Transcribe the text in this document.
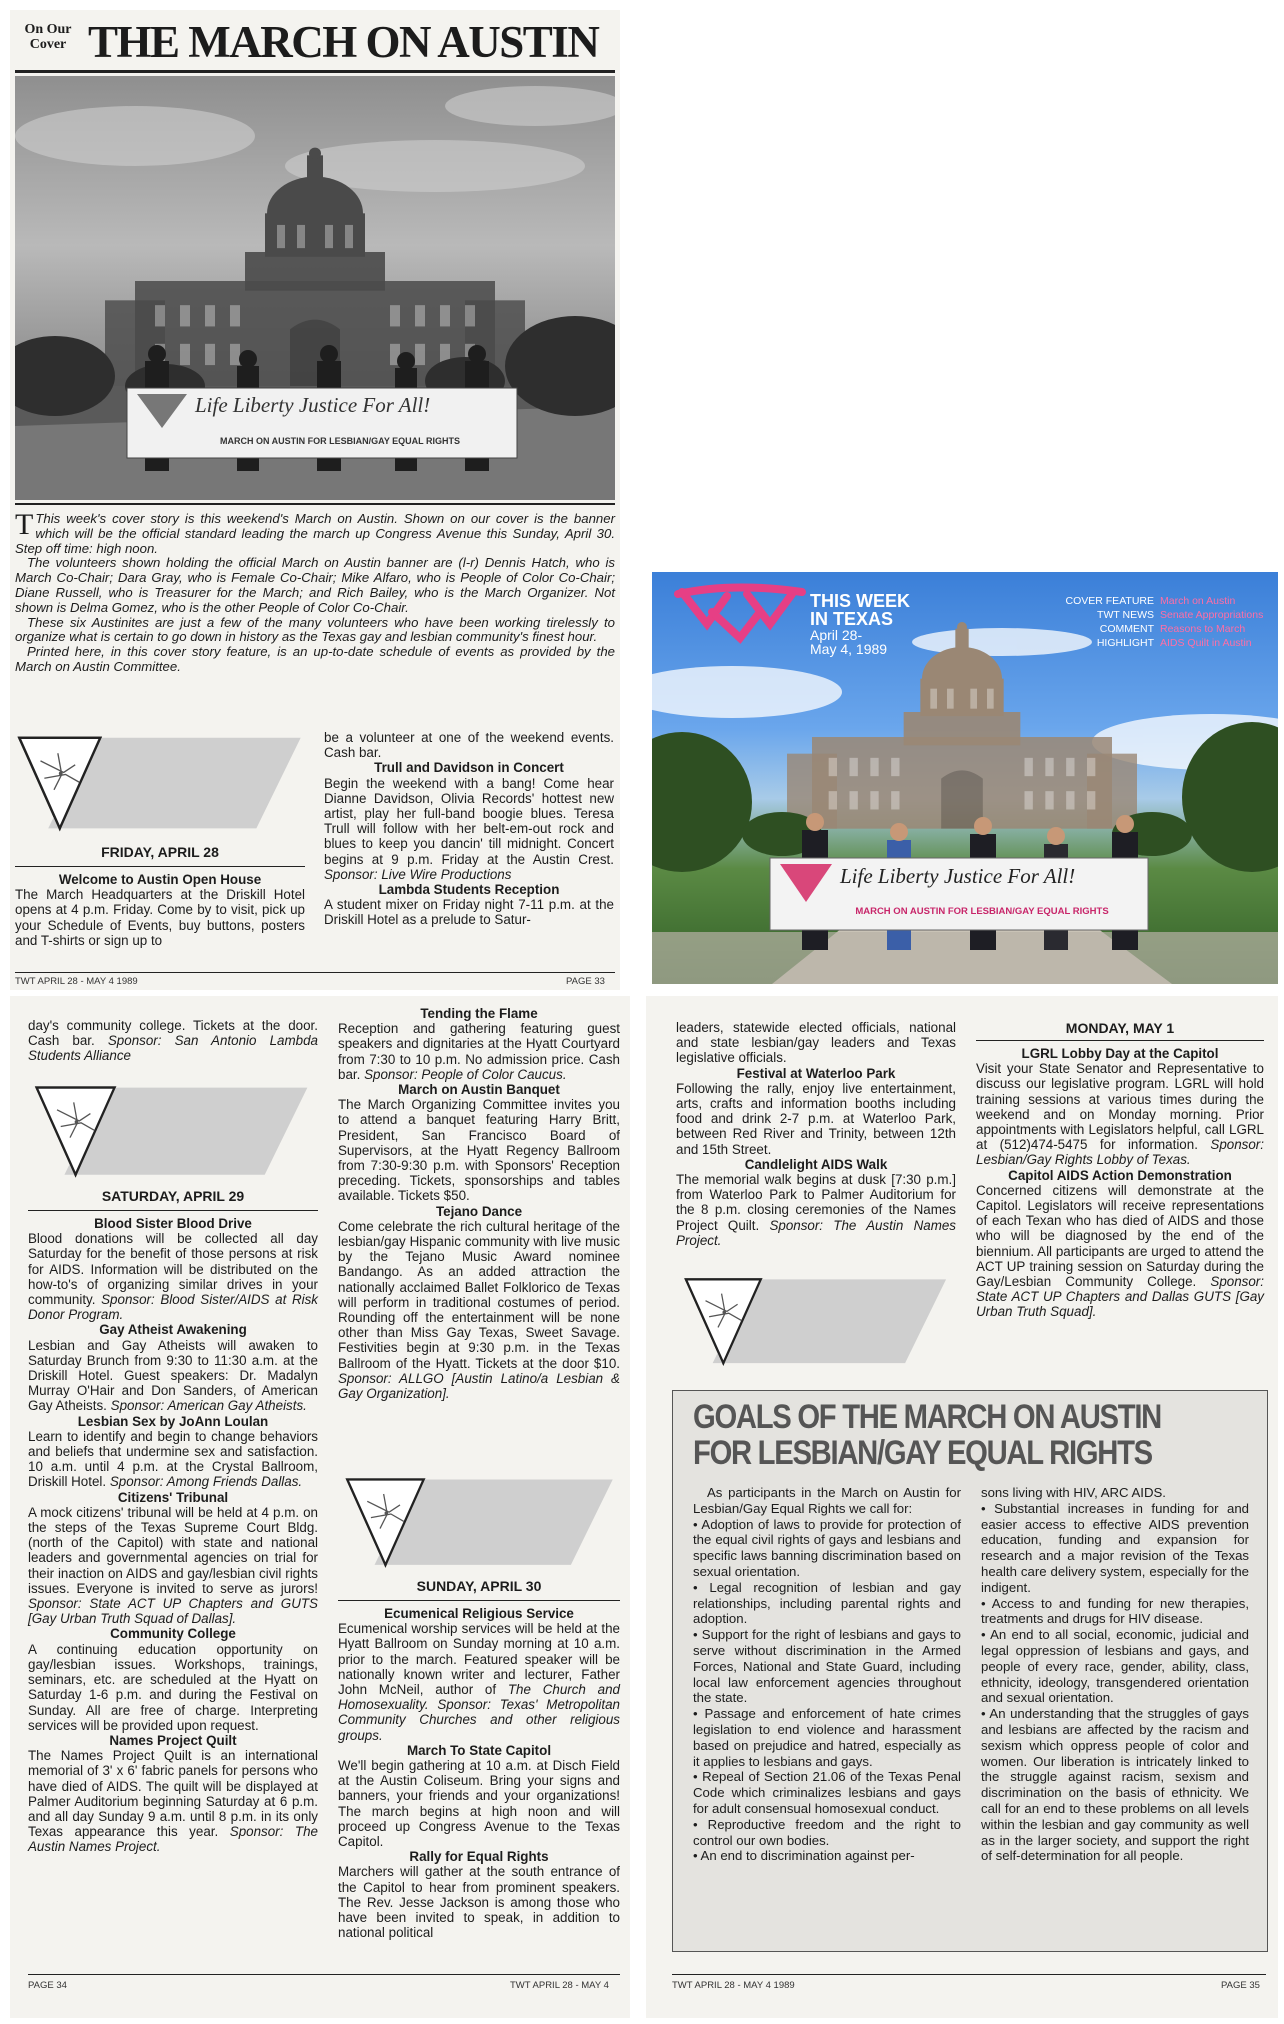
On Our
Cover THE MARCH ON AUSTIN
Life Liberty Justice For All!
MARCH ON AUSTIN FOR LESBIAN/GAY EQUAL RIGHTS

T This week's cover story is this weekend's March on Austin. Shown on our cover is the banner which will be the official standard leading the march up Congress Avenue this Sunday, April 30. Step off time: high noon.

The volunteers shown holding the official March on Austin banner are (l-r) Dennis Hatch, who is March Co-Chair; Dara Gray, who is Female Co-Chair; Mike Alfaro, who is People of Color Co-Chair; Diane Russell, who is Treasurer for the March; and Rich Bailey, who is the March Organizer. Not shown is Delma Gomez, who is the other People of Color Co-Chair.

These six Austinites are just a few of the many volunteers who have been working tirelessly to organize what is certain to go down in history as the Texas gay and lesbian community's finest hour.

Printed here, in this cover story feature, is an up-to-date schedule of events as provided by the March on Austin Committee.

FRIDAY, APRIL 28
Welcome to Austin Open House

The March Headquarters at the Driskill Hotel opens at 4 p.m. Friday. Come by to visit, pick up your Schedule of Events, buy buttons, posters and T-shirts or sign up to

be a volunteer at one of the weekend events. Cash bar.

Trull and Davidson in Concert

Begin the weekend with a bang! Come hear Dianne Davidson, Olivia Records' hottest new artist, play her full-band boogie blues. Teresa Trull will follow with her belt-em-out rock and blues to keep you dancin' till midnight. Concert begins at 9 p.m. Friday at the Austin Crest. Sponsor: Live Wire Productions

Lambda Students Reception

A student mixer on Friday night 7-11 p.m. at the Driskill Hotel as a prelude to Satur-

TWT APRIL 28 - MAY 4 1989	PAGE 33
THIS WEEK
IN TEXAS
April 28-
May 4, 1989
COVER FEATURE March on Austin
TWT NEWS Senate Appropriations
COMMENT Reasons to March
HIGHLIGHT AIDS Quilt in Austin
Life Liberty Justice For All!
MARCH ON AUSTIN FOR LESBIAN/GAY EQUAL RIGHTS

day's community college. Tickets at the door. Cash bar. Sponsor: San Antonio Lambda Students Alliance

SATURDAY, APRIL 29
Blood Sister Blood Drive

Blood donations will be collected all day Saturday for the benefit of those persons at risk for AIDS. Information will be distributed on the how-to's of organizing similar drives in your community. Sponsor: Blood Sister/AIDS at Risk Donor Program.

Gay Atheist Awakening

Lesbian and Gay Atheists will awaken to Saturday Brunch from 9:30 to 11:30 a.m. at the Driskill Hotel. Guest speakers: Dr. Madalyn Murray O'Hair and Don Sanders, of American Gay Atheists. Sponsor: American Gay Atheists.

Lesbian Sex by JoAnn Loulan

Learn to identify and begin to change behaviors and beliefs that undermine sex and satisfaction. 10 a.m. until 4 p.m. at the Crystal Ballroom, Driskill Hotel. Sponsor: Among Friends Dallas.

Citizens' Tribunal

A mock citizens' tribunal will be held at 4 p.m. on the steps of the Texas Supreme Court Bldg. (north of the Capitol) with state and national leaders and governmental agencies on trial for their inaction on AIDS and gay/lesbian civil rights issues. Everyone is invited to serve as jurors! Sponsor: State ACT UP Chapters and GUTS [Gay Urban Truth Squad of Dallas].

Community College

A continuing education opportunity on gay/lesbian issues. Workshops, trainings, seminars, etc. are scheduled at the Hyatt on Saturday 1-6 p.m. and during the Festival on Sunday. All are free of charge. Interpreting services will be provided upon request.

Names Project Quilt

The Names Project Quilt is an international memorial of 3' x 6' fabric panels for persons who have died of AIDS. The quilt will be displayed at Palmer Auditorium beginning Saturday at 6 p.m. and all day Sunday 9 a.m. until 8 p.m. in its only Texas appearance this year. Sponsor: The Austin Names Project.

Tending the Flame

Reception and gathering featuring guest speakers and dignitaries at the Hyatt Courtyard from 7:30 to 10 p.m. No admission price. Cash bar. Sponsor: People of Color Caucus.

March on Austin Banquet

The March Organizing Committee invites you to attend a banquet featuring Harry Britt, President, San Francisco Board of Supervisors, at the Hyatt Regency Ballroom from 7:30-9:30 p.m. with Sponsors' Reception preceding. Tickets, sponsorships and tables available. Tickets $50.

Tejano Dance

Come celebrate the rich cultural heritage of the lesbian/gay Hispanic community with live music by the Tejano Music Award nominee Bandango. As an added attraction the nationally acclaimed Ballet Folklorico de Texas will perform in traditional costumes of period. Rounding off the entertainment will be none other than Miss Gay Texas, Sweet Savage. Festivities begin at 9:30 p.m. in the Texas Ballroom of the Hyatt. Tickets at the door $10. Sponsor: ALLGO [Austin Latino/a Lesbian & Gay Organization].

SUNDAY, APRIL 30
Ecumenical Religious Service

Ecumenical worship services will be held at the Hyatt Ballroom on Sunday morning at 10 a.m. prior to the march. Featured speaker will be nationally known writer and lecturer, Father John McNeil, author of The Church and Homosexuality. Sponsor: Texas' Metropolitan Community Churches and other religious groups.

March To State Capitol

We'll begin gathering at 10 a.m. at Disch Field at the Austin Coliseum. Bring your signs and banners, your friends and your organizations! The march begins at high noon and will proceed up Congress Avenue to the Texas Capitol.

Rally for Equal Rights

Marchers will gather at the south entrance of the Capitol to hear from prominent speakers. The Rev. Jesse Jackson is among those who have been invited to speak, in addition to national political

PAGE 34	TWT APRIL 28 - MAY 4

leaders, statewide elected officials, national and state lesbian/gay leaders and Texas legislative officials.

Festival at Waterloo Park

Following the rally, enjoy live entertainment, arts, crafts and information booths including food and drink 2-7 p.m. at Waterloo Park, between Red River and Trinity, between 12th and 15th Street.

Candlelight AIDS Walk

The memorial walk begins at dusk [7:30 p.m.] from Waterloo Park to Palmer Auditorium for the 8 p.m. closing ceremonies of the Names Project Quilt. Sponsor: The Austin Names Project.

MONDAY, MAY 1
LGRL Lobby Day at the Capitol

Visit your State Senator and Representative to discuss our legislative program. LGRL will hold training sessions at various times during the weekend and on Monday morning. Prior appointments with Legislators helpful, call LGRL at (512)474-5475 for information. Sponsor: Lesbian/Gay Rights Lobby of Texas.

Capitol AIDS Action Demonstration

Concerned citizens will demonstrate at the Capitol. Legislators will receive representations of each Texan who has died of AIDS and those who will be diagnosed by the end of the biennium. All participants are urged to attend the ACT UP training session on Saturday during the Gay/Lesbian Community College. Sponsor: State ACT UP Chapters and Dallas GUTS [Gay Urban Truth Squad].

GOALS OF THE MARCH ON AUSTIN
FOR LESBIAN/GAY EQUAL RIGHTS

As participants in the March on Austin for Lesbian/Gay Equal Rights we call for:

• Adoption of laws to provide for protection of the equal civil rights of gays and lesbians and specific laws banning discrimination based on sexual orientation.

• Legal recognition of lesbian and gay relationships, including parental rights and adoption.

• Support for the right of lesbians and gays to serve without discrimination in the Armed Forces, National and State Guard, including local law enforcement agencies throughout the state.

• Passage and enforcement of hate crimes legislation to end violence and harassment based on prejudice and hatred, especially as it applies to lesbians and gays.

• Repeal of Section 21.06 of the Texas Penal Code which criminalizes lesbians and gays for adult consensual homosexual conduct.

• Reproductive freedom and the right to control our own bodies.

• An end to discrimination against per-

sons living with HIV, ARC AIDS.

• Substantial increases in funding for and easier access to effective AIDS prevention education, funding and expansion for research and a major revision of the Texas health care delivery system, especially for the indigent.

• Access to and funding for new therapies, treatments and drugs for HIV disease.

• An end to all social, economic, judicial and legal oppression of lesbians and gays, and people of every race, gender, ability, class, ethnicity, ideology, transgendered orientation and sexual orientation.

• An understanding that the struggles of gays and lesbians are affected by the racism and sexism which oppress people of color and women. Our liberation is intricately linked to the struggle against racism, sexism and discrimination on the basis of ethnicity. We call for an end to these problems on all levels within the lesbian and gay community as well as in the larger society, and support the right of self-determination for all people.

TWT APRIL 28 - MAY 4 1989	PAGE 35
